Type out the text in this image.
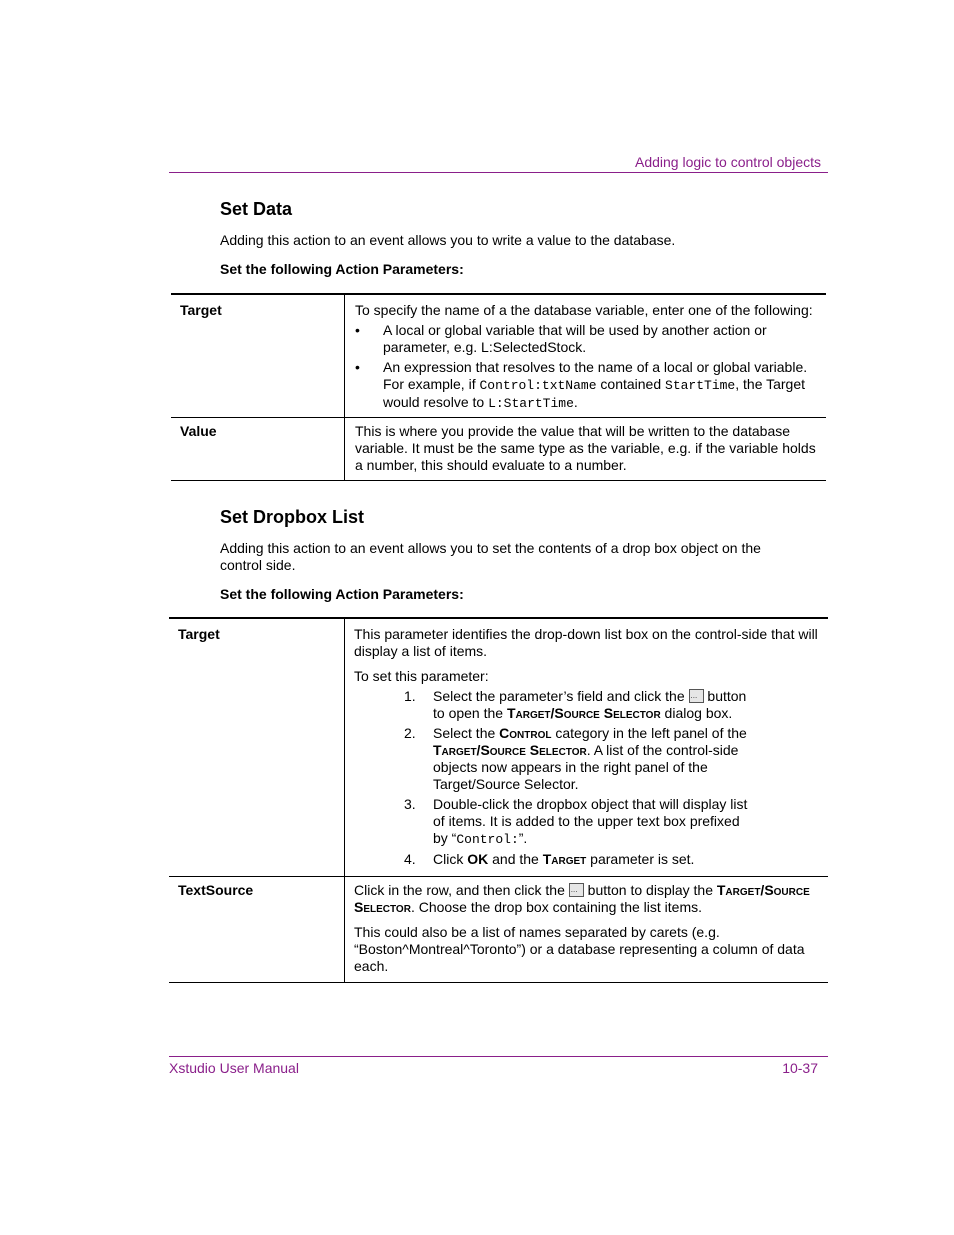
Adding logic to control objects
Set Data
Adding this action to an event allows you to write a value to the database.
Set the following Action Parameters:
Target	To specify the name of a the database variable, enter one of the following:
• A local or global variable that will be used by another action or parameter, e.g. L:SelectedStock.
• An expression that resolves to the name of a local or global variable. For example, if Control:txtName contained StartTime, the Target would resolve to L:StartTime.
Value	This is where you provide the value that will be written to the database variable. It must be the same type as the variable, e.g. if the variable holds a number, this should evaluate to a number.
Set Dropbox List
Adding this action to an event allows you to set the contents of a drop box object on the control side.
Set the following Action Parameters:
Target	This parameter identifies the drop-down list box on the control-side that will display a list of items.

To set this parameter:

1. Select the parameter’s field and click the ... button to open the Target/Source Selector dialog box.
2. Select the Control category in the left panel of the Target/Source Selector. A list of the control-side objects now appears in the right panel of the Target/Source Selector.
3. Double-click the dropbox object that will display list of items. It is added to the upper text box prefixed by “Control:”.
4. Click OK and the Target parameter is set.
TextSource	Click in the row, and then click the ... button to display the Target/Source Selector. Choose the drop box containing the list items.

This could also be a list of names separated by carets (e.g. “Boston^Montreal^Toronto”) or a database representing a column of data each.

Xstudio User Manual	10-37
